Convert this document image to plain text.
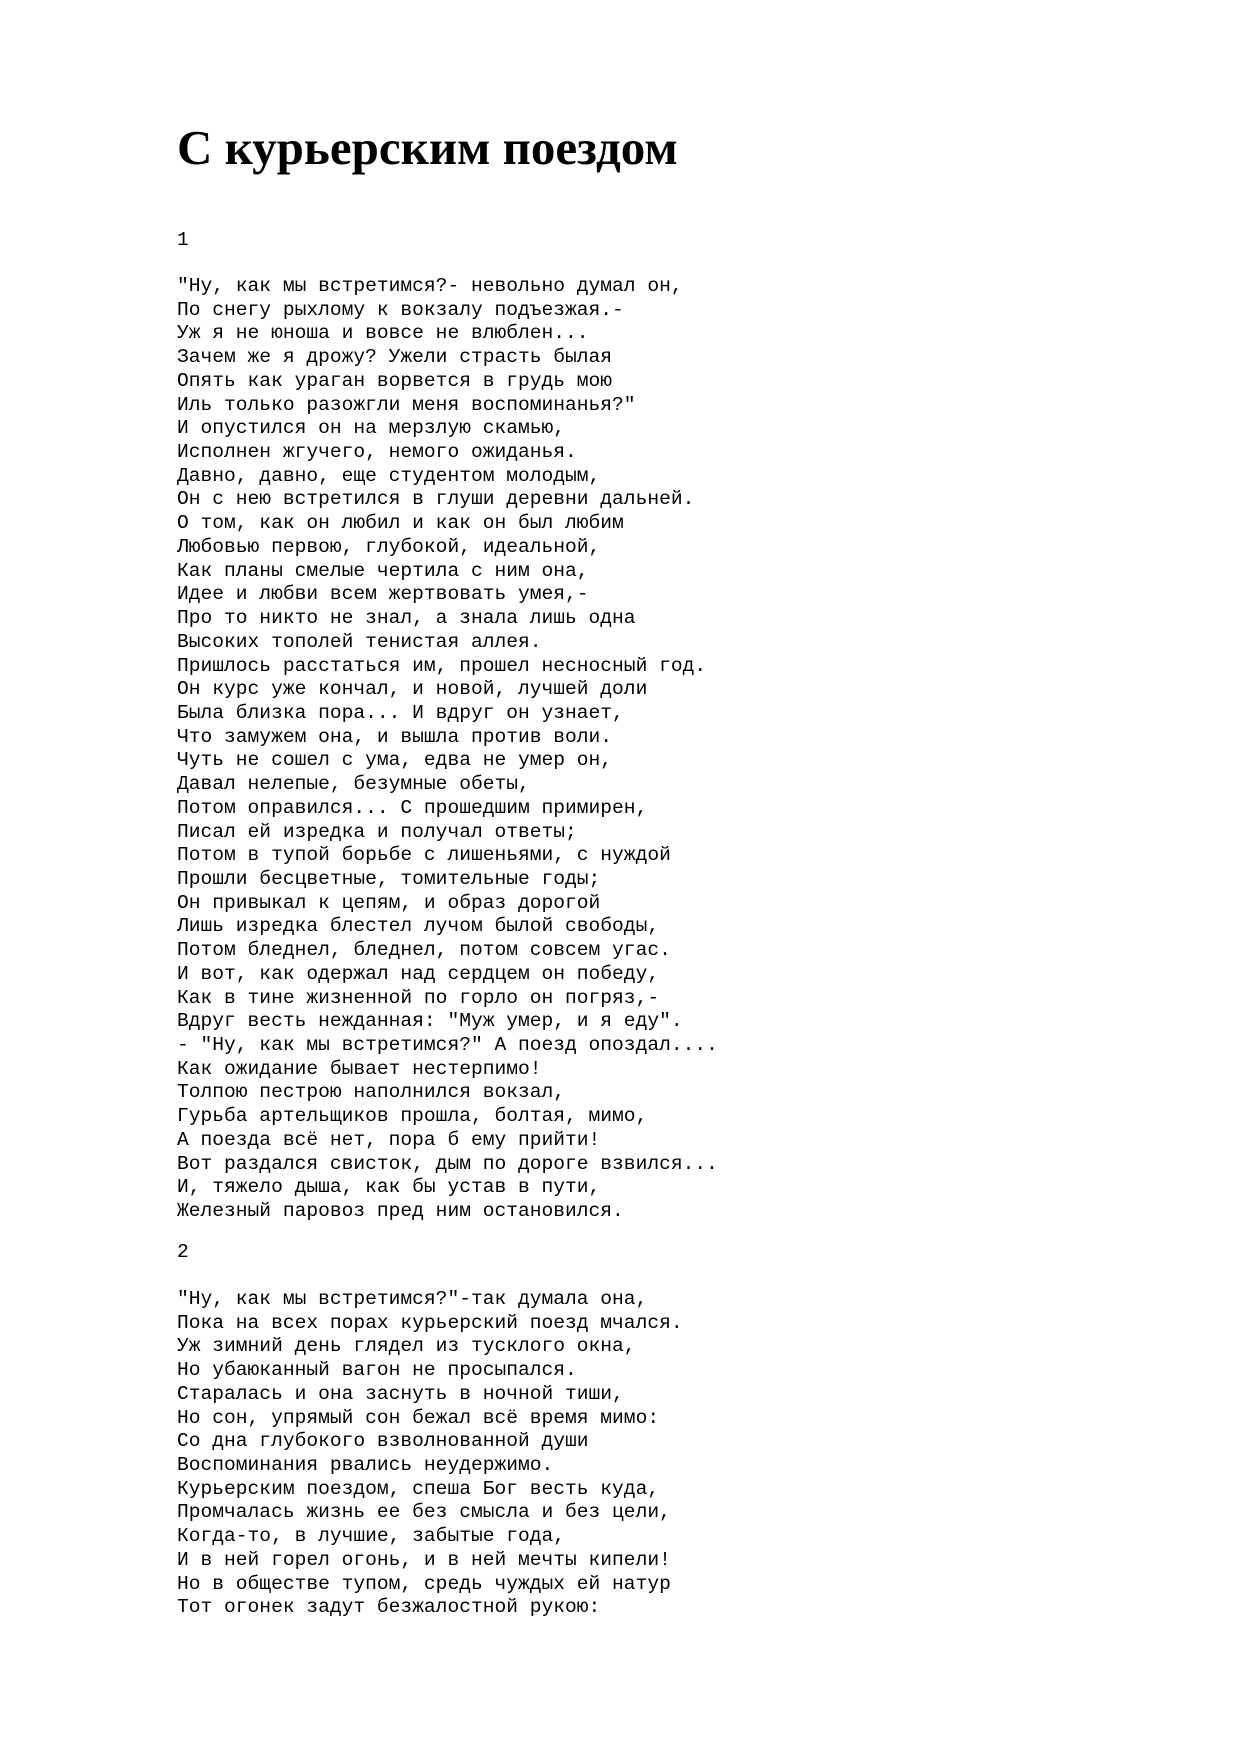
С курьерским поездом
1
"Ну, как мы встретимся?- невольно думал он,
По снегу рыхлому к вокзалу подъезжая.-
Уж я не юноша и вовсе не влюблен...
Зачем же я дрожу? Ужели страсть былая
Опять как ураган ворвется в грудь мою
Иль только разожгли меня воспоминанья?"
И опустился он на мерзлую скамью,
Исполнен жгучего, немого ожиданья.
Давно, давно, еще студентом молодым,
Он с нею встретился в глуши деревни дальней.
О том, как он любил и как он был любим
Любовью первою, глубокой, идеальной,
Как планы смелые чертила с ним она,
Идее и любви всем жертвовать умея,-
Про то никто не знал, а знала лишь одна
Высоких тополей тенистая аллея.
Пришлось расстаться им, прошел несносный год.
Он курс уже кончал, и новой, лучшей доли
Была близка пора... И вдруг он узнает,
Что замужем она, и вышла против воли.
Чуть не сошел с ума, едва не умер он,
Давал нелепые, безумные обеты,
Потом оправился... С прошедшим примирен,
Писал ей изредка и получал ответы;
Потом в тупой борьбе с лишеньями, с нуждой
Прошли бесцветные, томительные годы;
Он привыкал к цепям, и образ дорогой
Лишь изредка блестел лучом былой свободы,
Потом бледнел, бледнел, потом совсем угас.
И вот, как одержал над сердцем он победу,
Как в тине жизненной по горло он погряз,-
Вдруг весть нежданная: "Муж умер, и я еду".
- "Ну, как мы встретимся?" А поезд опоздал....
Как ожидание бывает нестерпимо!
Толпою пестрою наполнился вокзал,
Гурьба артельщиков прошла, болтая, мимо,
А поезда всё нет, пора б ему прийти!
Вот раздался свисток, дым по дороге взвился...
И, тяжело дыша, как бы устав в пути,
Железный паровоз пред ним остановился.
2
"Ну, как мы встретимся?"-так думала она,
Пока на всех порах курьерский поезд мчался.
Уж зимний день глядел из тусклого окна,
Но убаюканный вагон не просыпался.
Старалась и она заснуть в ночной тиши,
Но сон, упрямый сон бежал всё время мимо:
Со дна глубокого взволнованной души
Воспоминания рвались неудержимо.
Курьерским поездом, спеша Бог весть куда,
Промчалась жизнь ее без смысла и без цели,
Когда-то, в лучшие, забытые года,
И в ней горел огонь, и в ней мечты кипели!
Но в обществе тупом, средь чуждых ей натур
Тот огонек задут безжалостной рукою:
